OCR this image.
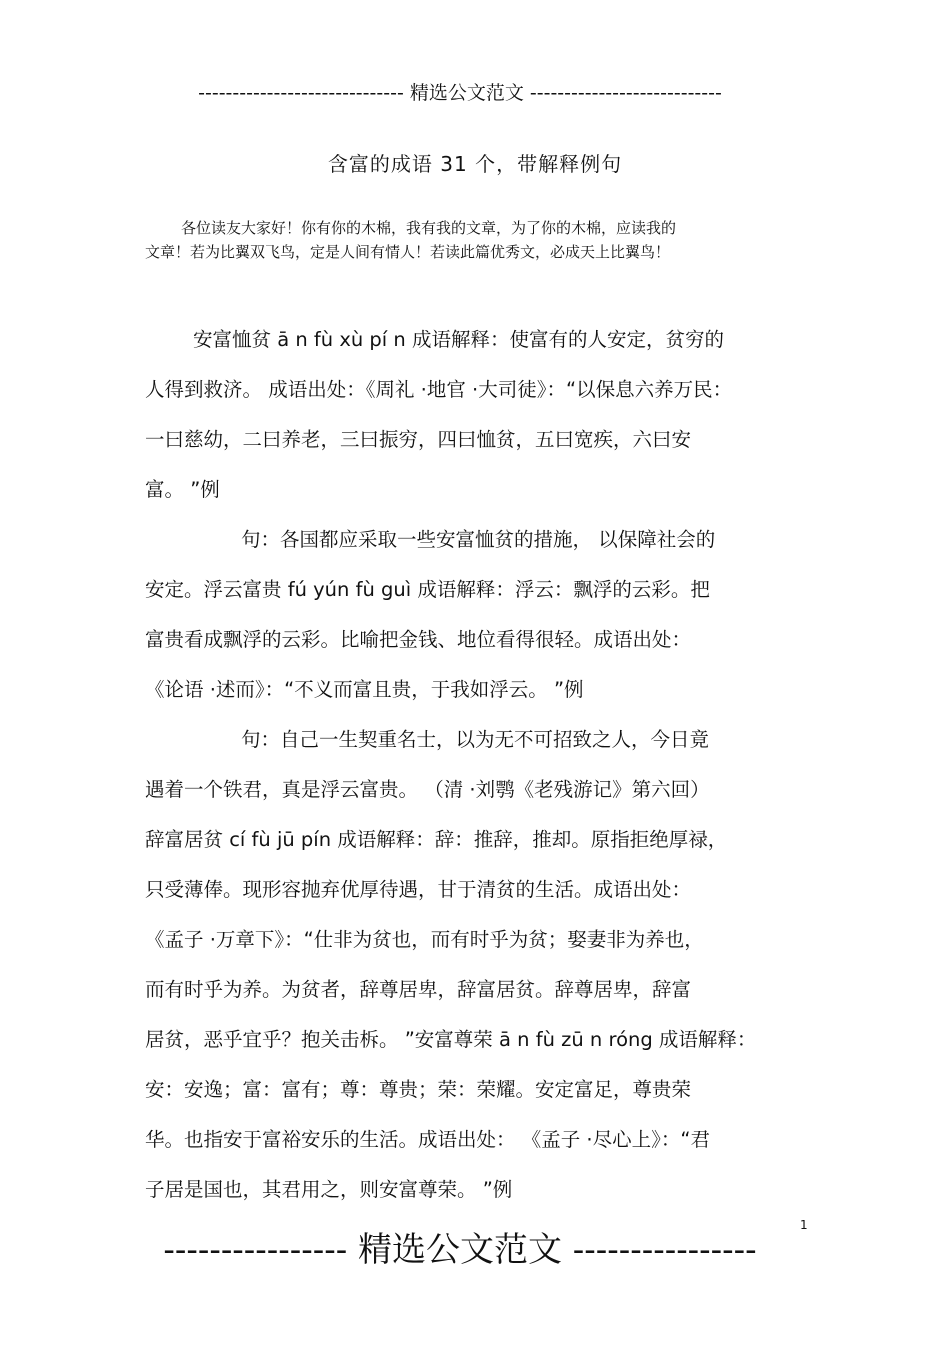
------------------------------ 精选公文范文 ----------------------------
含富的成语 31 个，带解释例句

各位读友大家好！你有你的木棉，我有我的文章，为了你的木棉，应读我的

文章！若为比翼双飞鸟，定是人间有情人！若读此篇优秀文，必成天上比翼鸟！

安富恤贫 ā n fù xù pí n 成语解释：使富有的人安定，贫穷的
人得到救济。 成语出处：《周礼 ·地官 ·大司徒》：“以保息六养万民：
一曰慈幼，二曰养老，三曰振穷，四曰恤贫，五曰宽疾，六曰安
富。 ”例
句：各国都应采取一些安富恤贫的措施， 以保障社会的
安定。浮云富贵 fú yún fù guì 成语解释：浮云：飘浮的云彩。把
富贵看成飘浮的云彩。比喻把金钱、地位看得很轻。成语出处：
《论语 ·述而》：“不义而富且贵，于我如浮云。 ”例
句：自己一生契重名士，以为无不可招致之人，今日竟
遇着一个铁君，真是浮云富贵。 （清 ·刘鹗《老残游记》第六回）
辞富居贫 cí fù jū pín 成语解释：辞：推辞，推却。原指拒绝厚禄，
只受薄俸。现形容抛弃优厚待遇，甘于清贫的生活。成语出处：
《孟子 ·万章下》：“仕非为贫也，而有时乎为贫；娶妻非为养也，
而有时乎为养。为贫者，辞尊居卑，辞富居贫。辞尊居卑，辞富
居贫，恶乎宜乎？抱关击柝。 ”安富尊荣 ā n fù zū n róng 成语解释：
安：安逸；富：富有；尊：尊贵；荣：荣耀。安定富足，尊贵荣
华。也指安于富裕安乐的生活。成语出处： 《孟子 ·尽心上》：“君
子居是国也，其君用之，则安富尊荣。 ”例
1
---------------- 精选公文范文 ----------------
